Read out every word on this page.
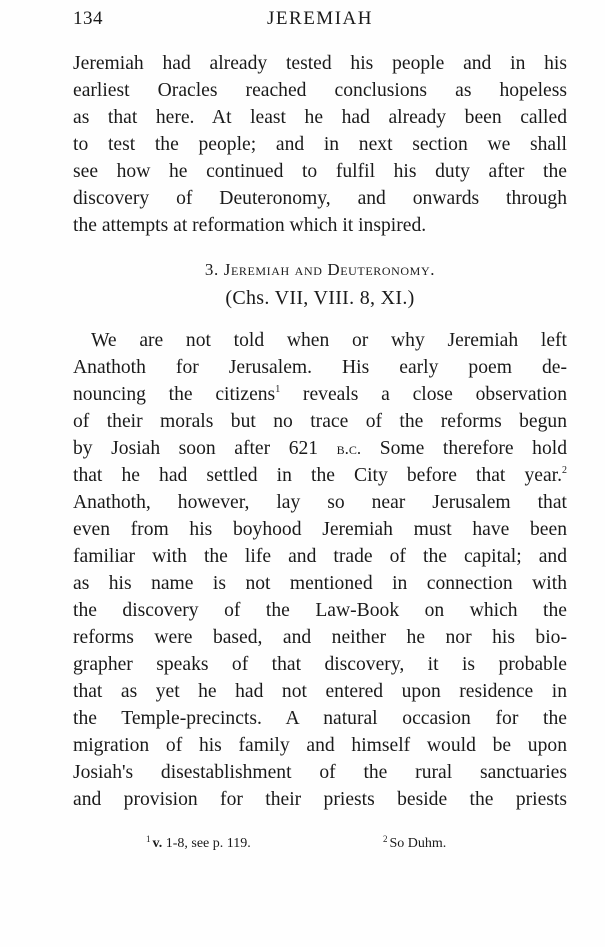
134	JEREMIAH
Jeremiah had already tested his people and in his
earliest Oracles reached conclusions as hopeless
as that here. At least he had already been called
to test the people; and in next section we shall
see how he continued to fulfil his duty after the
discovery of Deuteronomy, and onwards through
the attempts at reformation which it inspired.
3. Jeremiah and Deuteronomy.
(Chs. VII, VIII. 8, XI.)
We are not told when or why Jeremiah left
Anathoth for Jerusalem. His early poem de-
nouncing the citizens$^1$ reveals a close observation
of their morals but no trace of the reforms begun
by Josiah soon after 621 b.c. Some therefore hold
that he had settled in the City before that year.$^2$
Anathoth, however, lay so near Jerusalem that
even from his boyhood Jeremiah must have been
familiar with the life and trade of the capital; and
as his name is not mentioned in connection with
the discovery of the Law-Book on which the
reforms were based, and neither he nor his bio-
grapher speaks of that discovery, it is probable
that as yet he had not entered upon residence in
the Temple-precincts. A natural occasion for the
migration of his family and himself would be upon
Josiah's disestablishment of the rural sanctuaries
and provision for their priests beside the priests
$^1$ v. 1-8, see p. 119.	$^2$ So Duhm.
